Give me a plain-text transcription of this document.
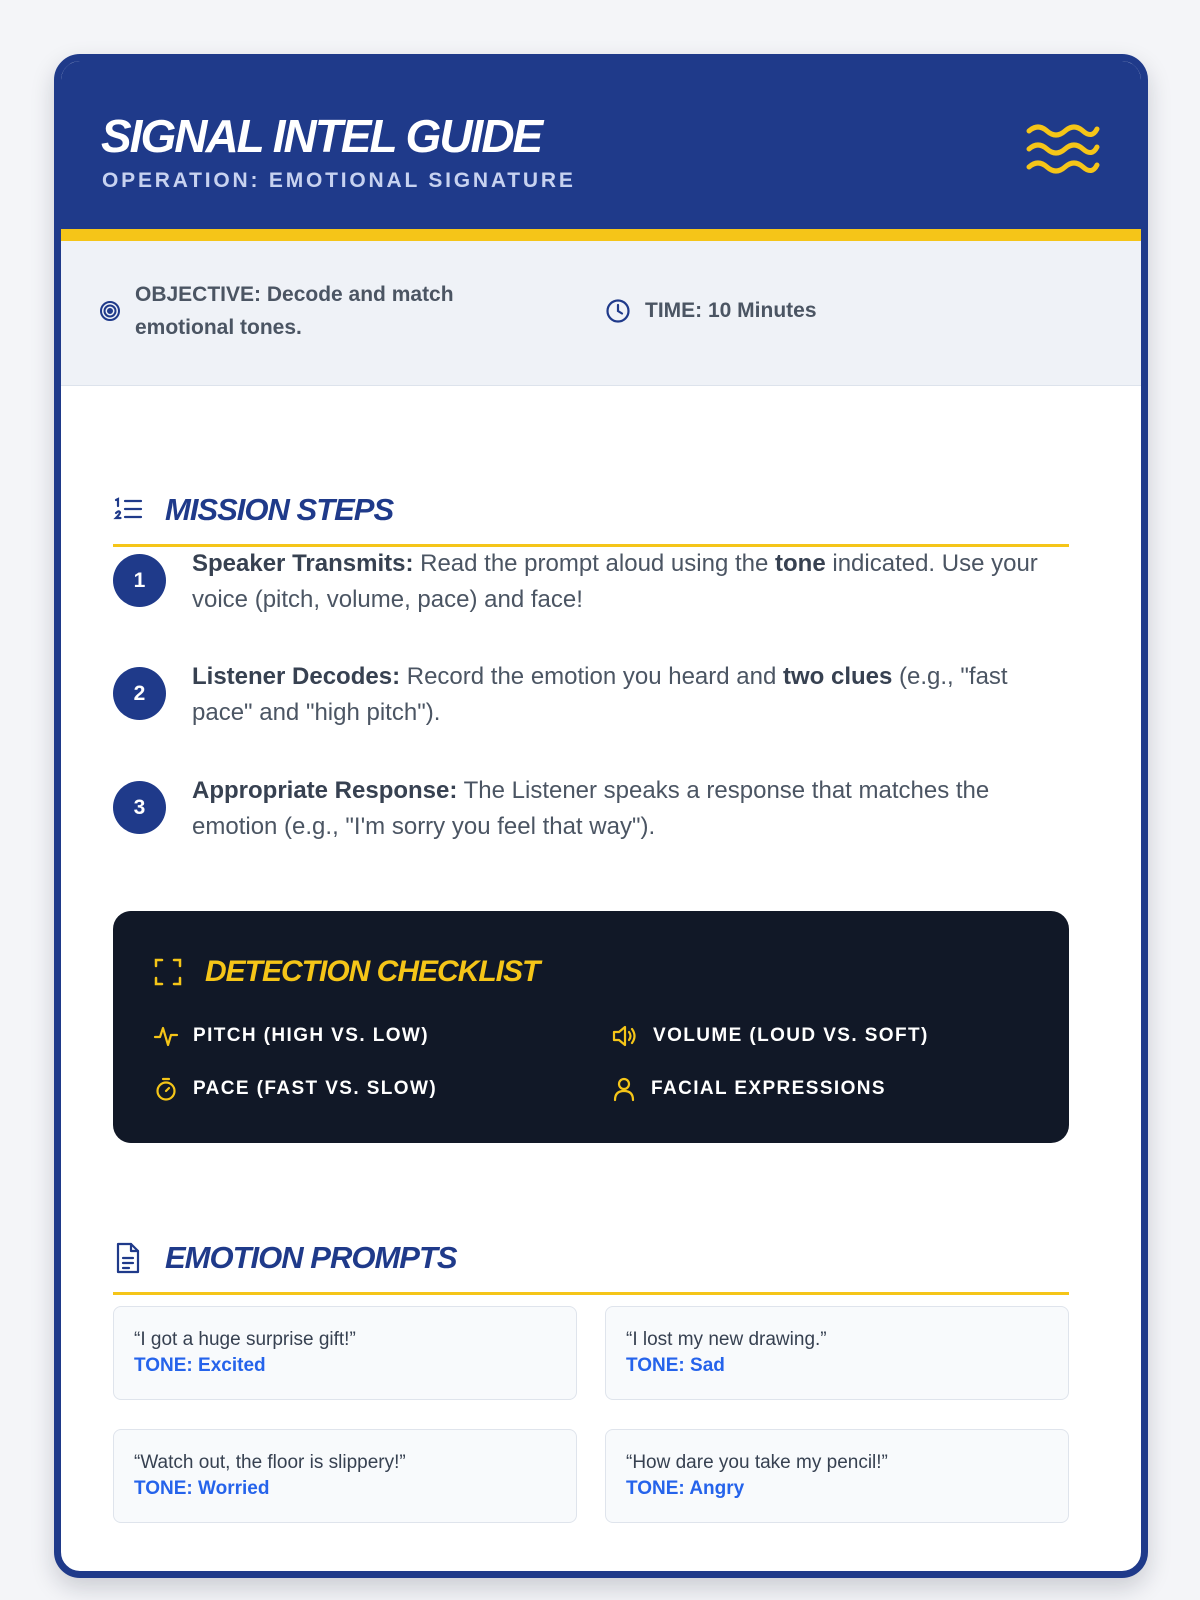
SIGNAL INTEL GUIDE
OPERATION: EMOTIONAL SIGNATURE
OBJECTIVE: Decode and match emotional tones.
TIME: 10 Minutes
MISSION STEPS
1
Speaker Transmits: Read the prompt aloud using the tone indicated. Use your voice (pitch, volume, pace) and face!
2
Listener Decodes: Record the emotion you heard and two clues (e.g., "fast pace" and "high pitch").
3
Appropriate Response: The Listener speaks a response that matches the emotion (e.g., "I'm sorry you feel that way").
DETECTION CHECKLIST
PITCH (HIGH VS. LOW)	VOLUME (LOUD VS. SOFT)
PACE (FAST VS. SLOW)	FACIAL EXPRESSIONS
EMOTION PROMPTS
“I got a huge surprise gift!”
TONE: Excited
“I lost my new drawing.”
TONE: Sad
“Watch out, the floor is slippery!”
TONE: Worried
“How dare you take my pencil!”
TONE: Angry
